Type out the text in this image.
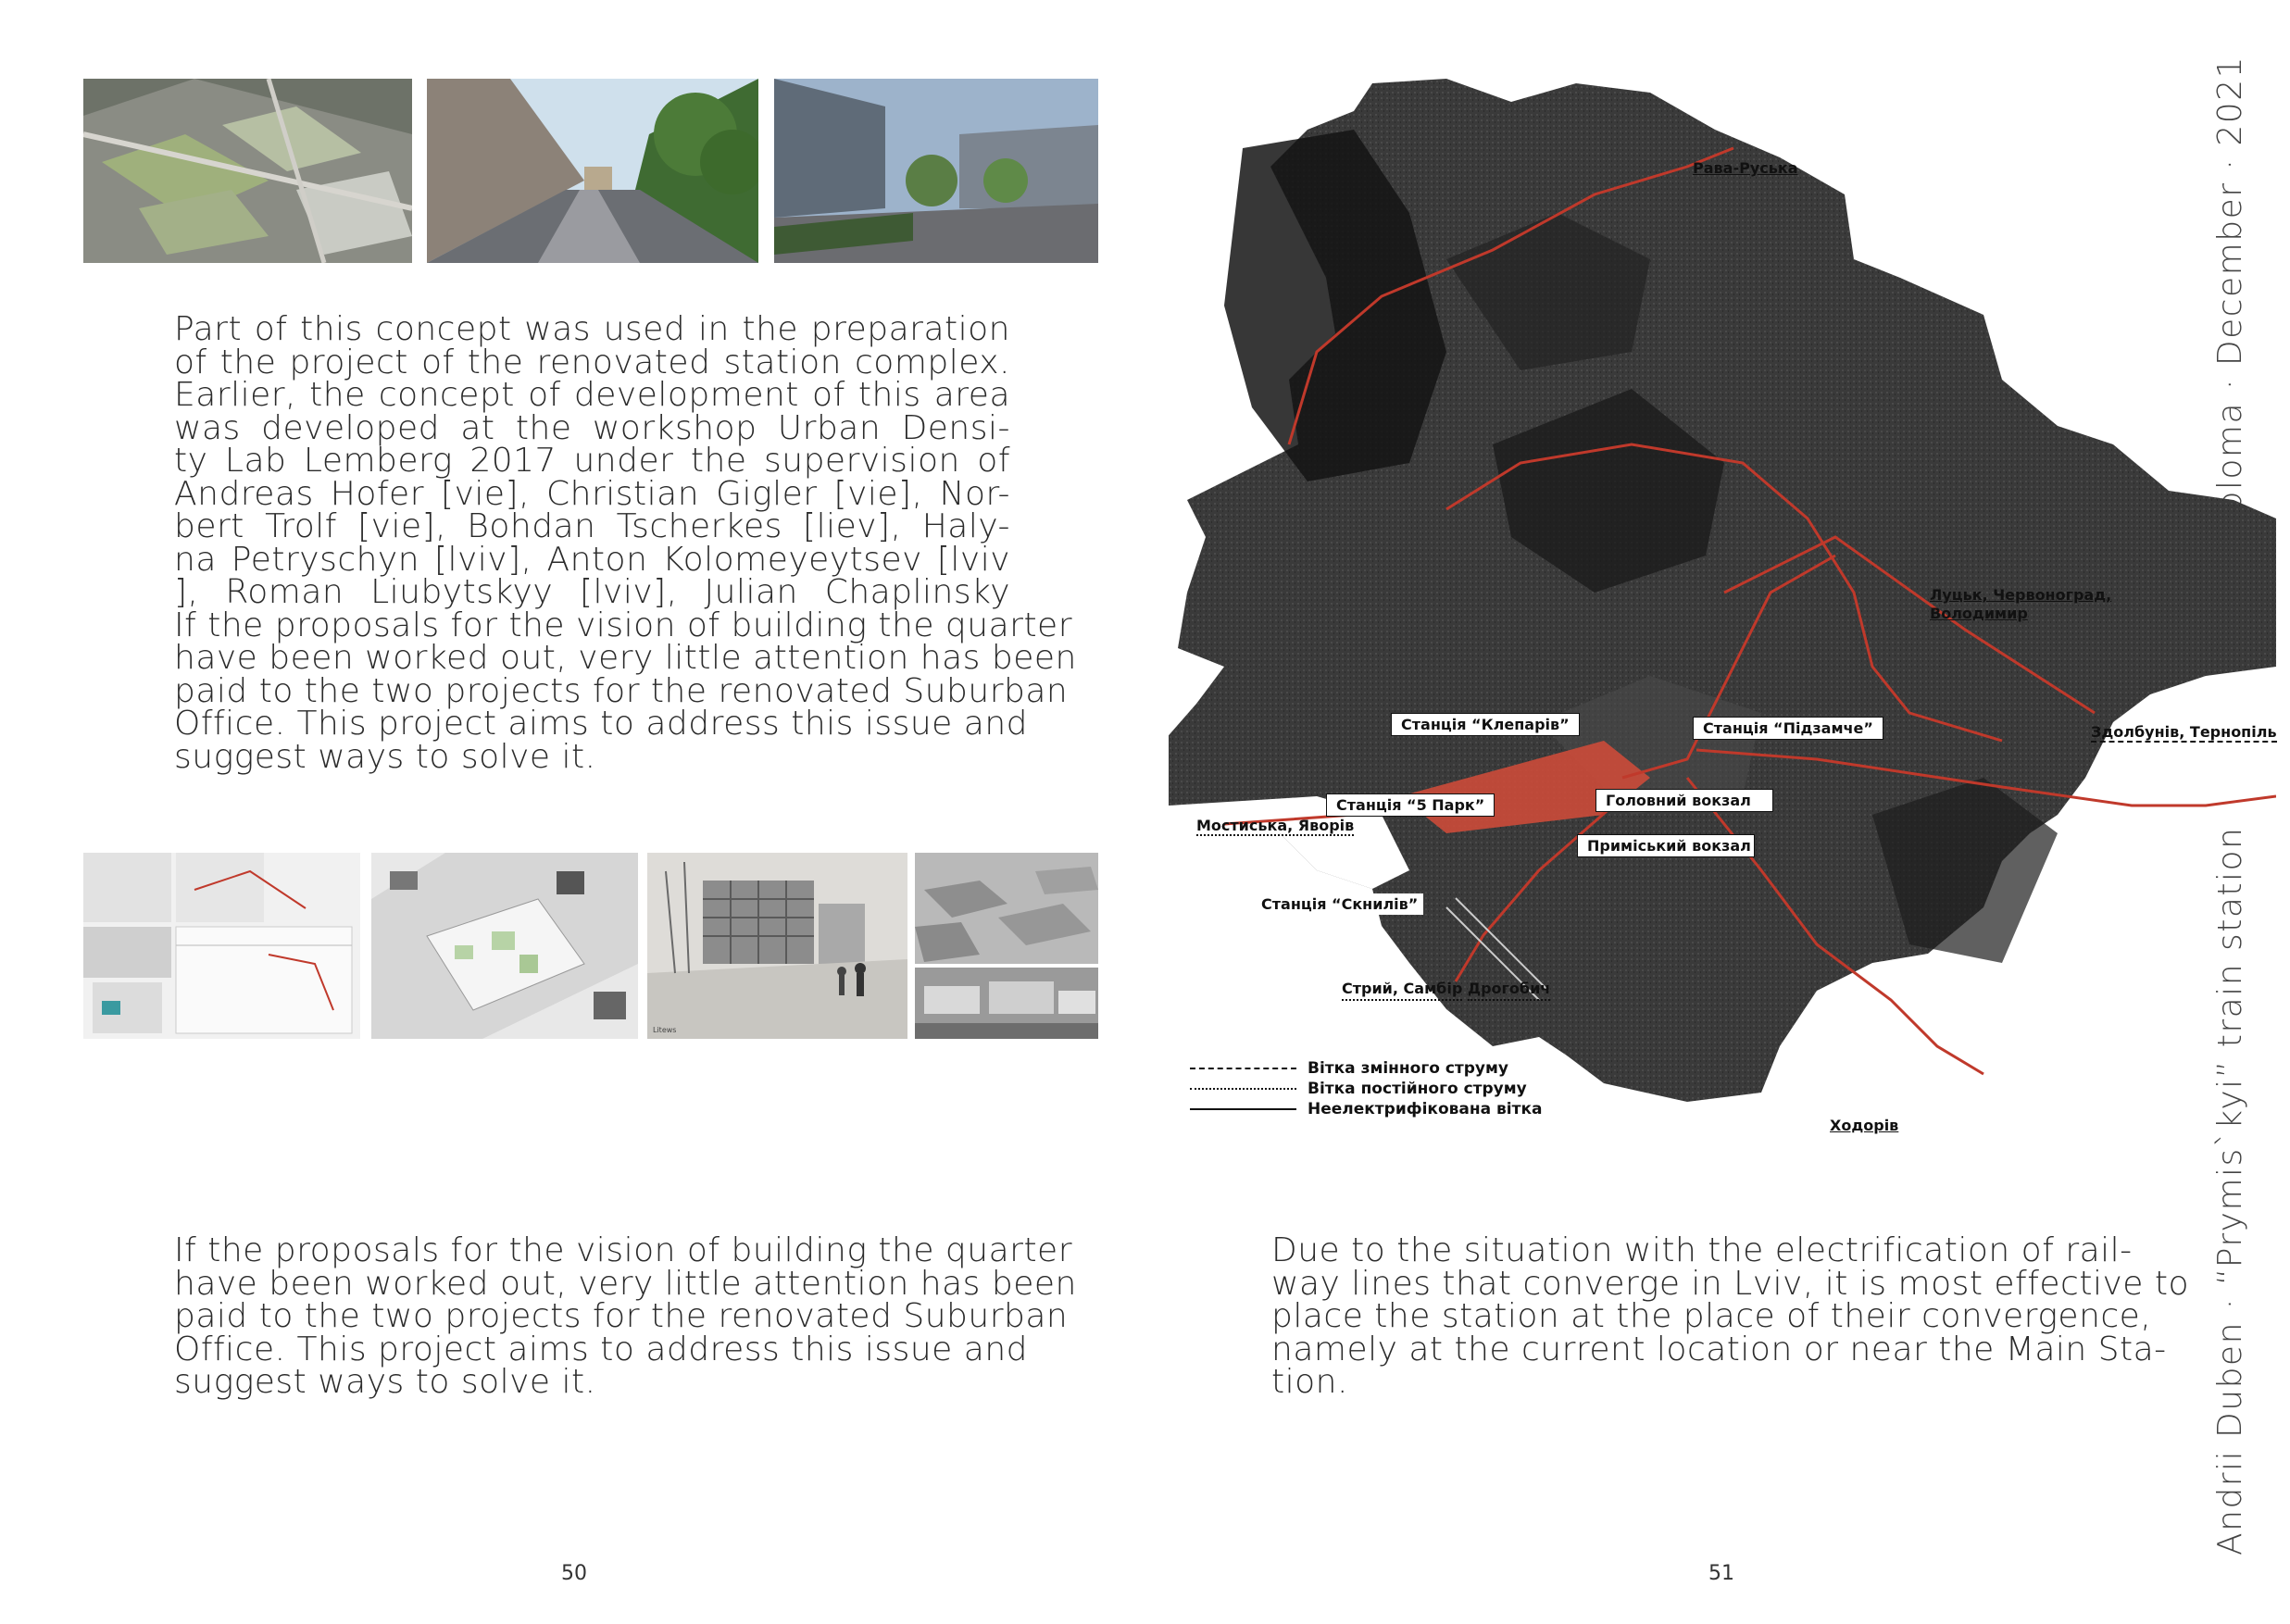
Part of this concept was used in the preparation
of the project of the renovated station complex.
Earlier, the concept of development of this area
was developed at the workshop Urban Densi-
ty Lab Lemberg 2017 under the supervision of
Andreas Hofer [vie], Christian Gigler [vie], Nor-
bert Trolf [vie], Bohdan Tscherkes [liev], Haly-
na Petryschyn [lviv], Anton Kolomeyeytsev [lviv
], Roman Liubytskyy [lviv], Julian Chaplinsky
If the proposals for the vision of building the quarter
have been worked out, very little attention has been
paid to the two projects for the renovated Suburban
Office. This project aims to address this issue and
suggest ways to solve it.
Litews
If the proposals for the vision of building the quarter
have been worked out, very little attention has been
paid to the two projects for the renovated Suburban
Office. This project aims to address this issue and
suggest ways to solve it.
Due to the situation with the electrification of rail-
way lines that converge in Lviv, it is most effective to
place the station at the place of their convergence,
namely at the current location or near the Main Sta-
tion.
50	51
Andrii Duben · “Prymis`kyi” train station
Diploma · December · 2021
Рава-Руська
Луцьк, Червоноград,
Володимир
Здолбунів, Тернопіль
Станція “Клепарів”	Станція “Підзамче”
Станція “5 Парк”	Головний вокзал
Мостиська, Яворів
Приміський вокзал
Станція “Скнилів”
Стрий, Самбір Дрогобич
Ходорів
Вітка змінного струму
Вітка постійного струму
Неелектрифікована вітка
